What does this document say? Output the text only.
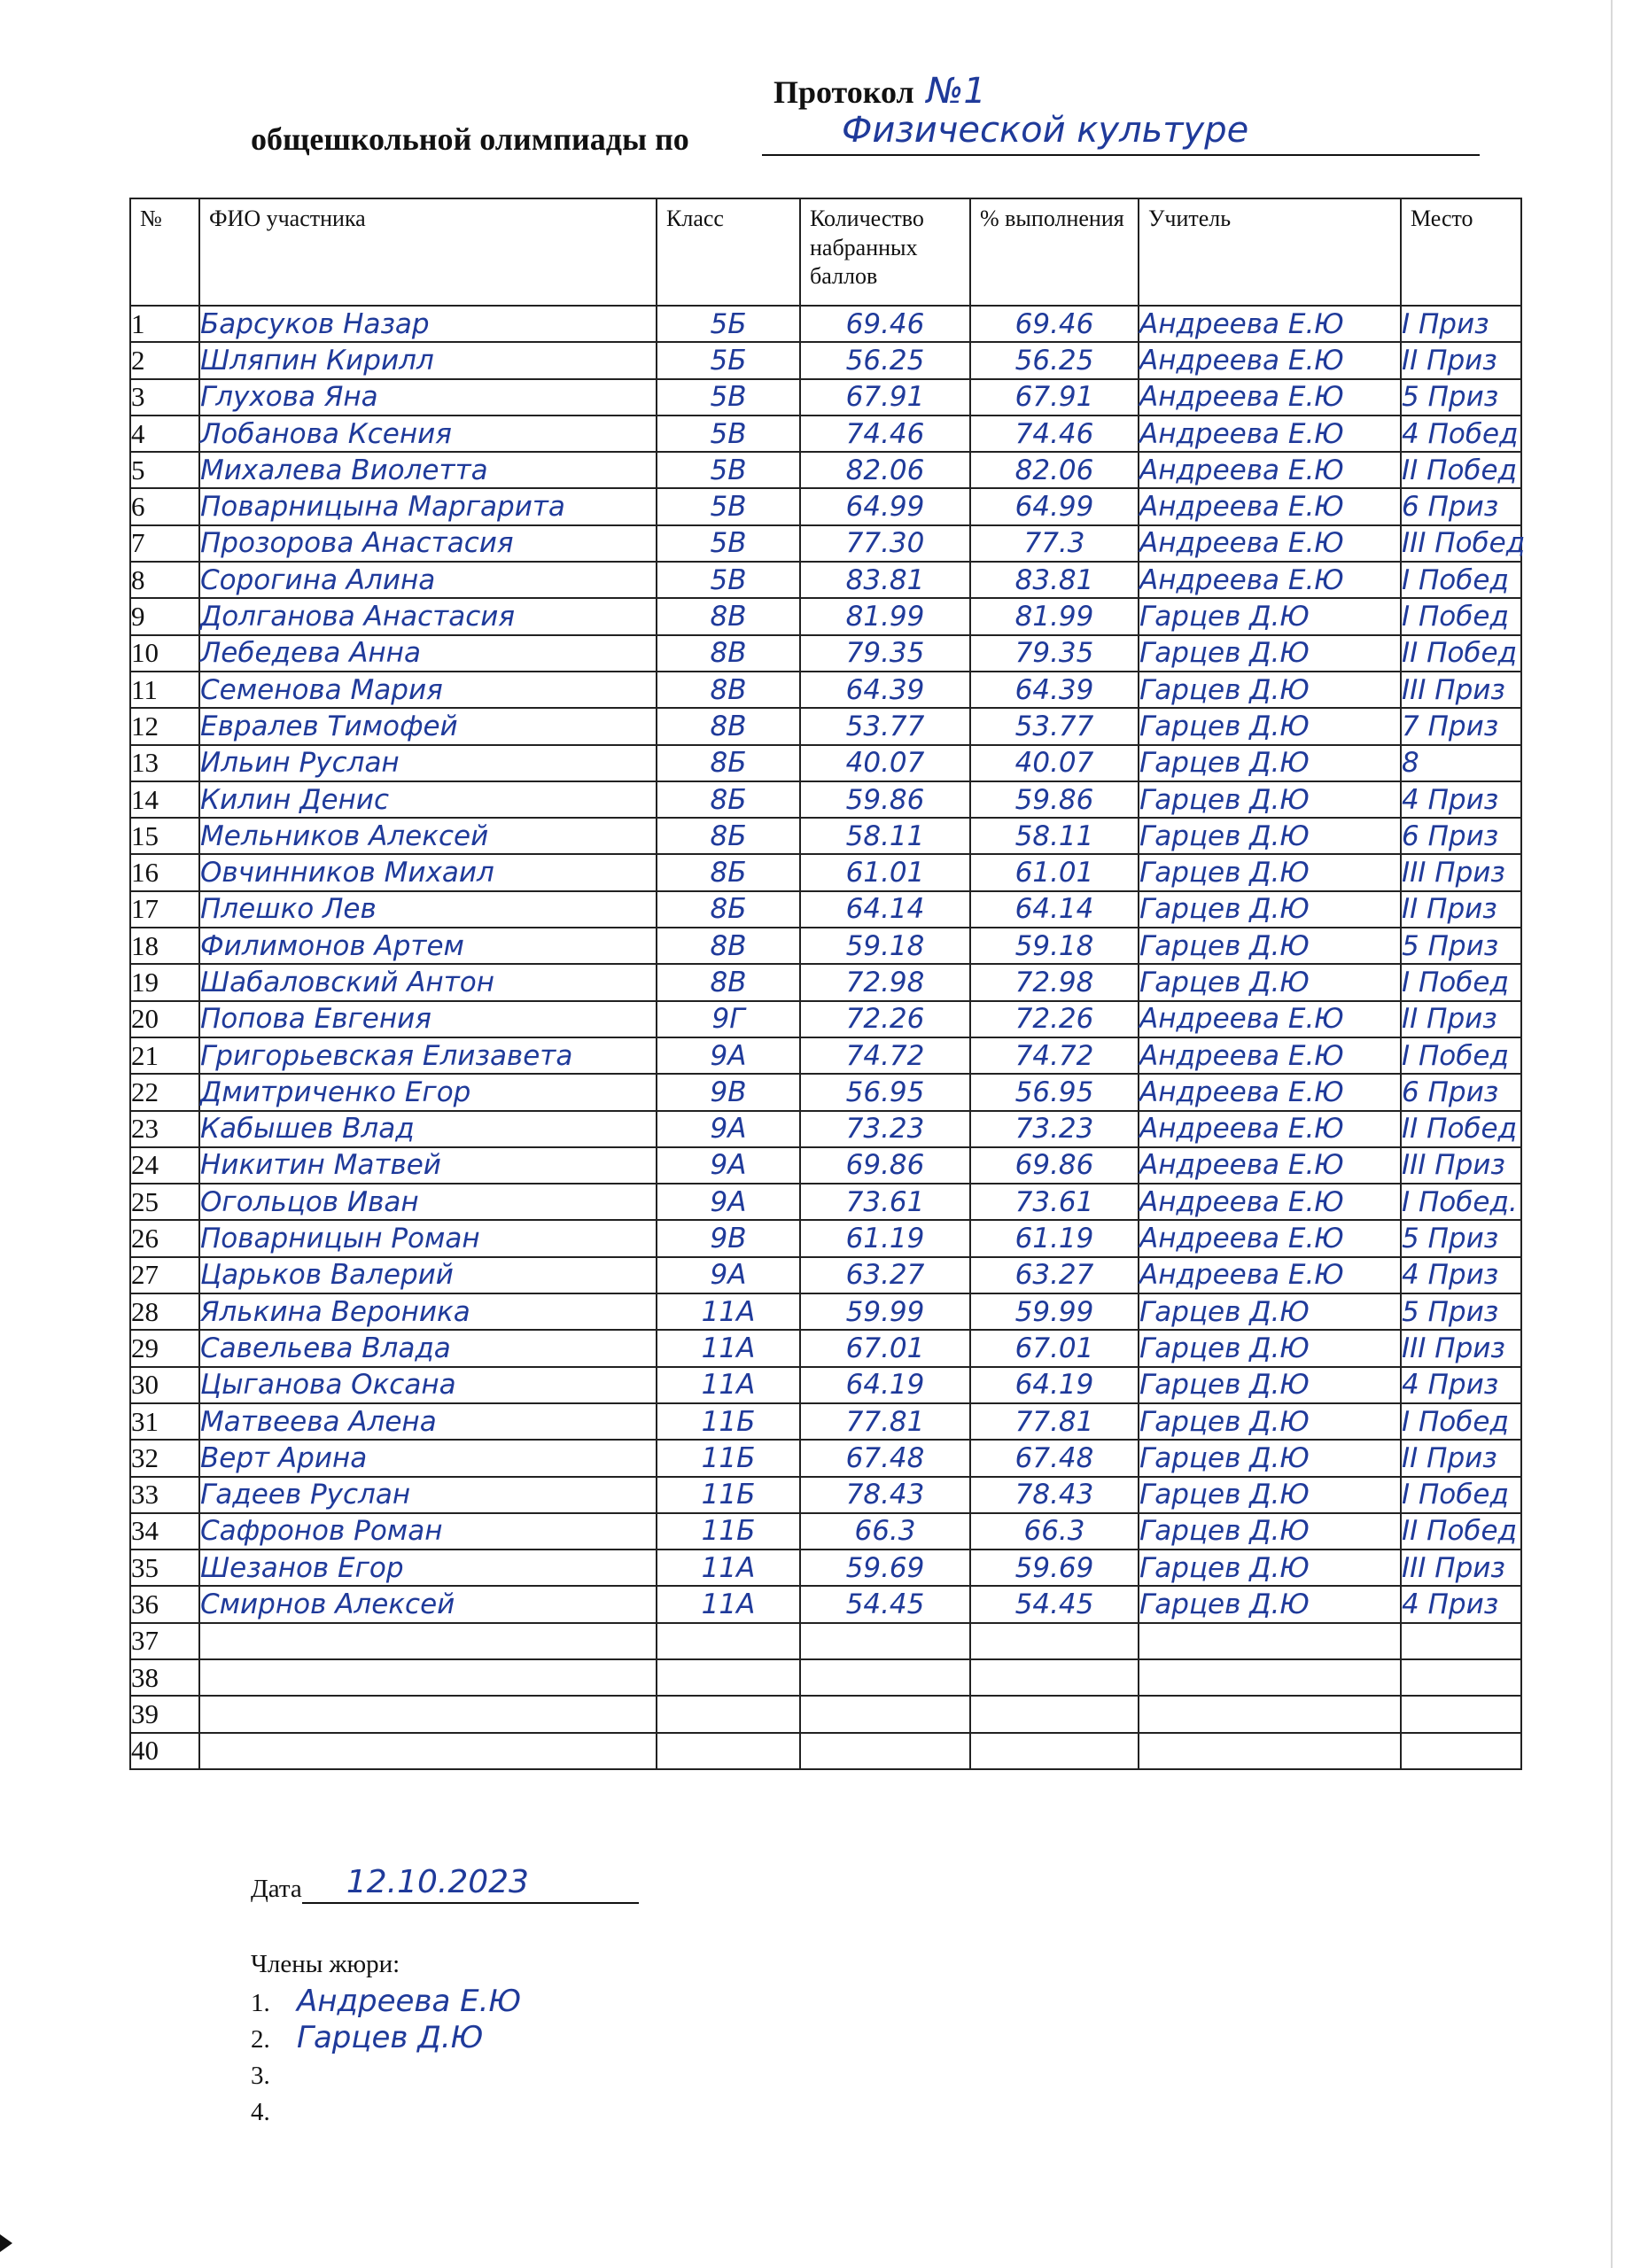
Протокол №1
общешкольной олимпиады по	Физической культуре
№	ФИО участника	Класс	Количество набранных баллов	% выполнения	Учитель	Место
1	Барсуков Назар	5Б	69.46	69.46	Андреева Е.Ю	I Приз
2	Шляпин Кирилл	5Б	56.25	56.25	Андреева Е.Ю	II Приз
3	Глухова Яна	5В	67.91	67.91	Андреева Е.Ю	5 Приз
4	Лобанова Ксения	5В	74.46	74.46	Андреева Е.Ю	4 Побед
5	Михалева Виолетта	5В	82.06	82.06	Андреева Е.Ю	II Побед
6	Поварницына Маргарита	5В	64.99	64.99	Андреева Е.Ю	6 Приз
7	Прозорова Анастасия	5В	77.30	77.3	Андреева Е.Ю	III Побед
8	Сорогина Алина	5В	83.81	83.81	Андреева Е.Ю	I Побед
9	Долганова Анастасия	8В	81.99	81.99	Гарцев Д.Ю	I Побед
10	Лебедева Анна	8В	79.35	79.35	Гарцев Д.Ю	II Побед
11	Семенова Мария	8В	64.39	64.39	Гарцев Д.Ю	III Приз
12	Евралев Тимофей	8В	53.77	53.77	Гарцев Д.Ю	7 Приз
13	Ильин Руслан	8Б	40.07	40.07	Гарцев Д.Ю	8
14	Килин Денис	8Б	59.86	59.86	Гарцев Д.Ю	4 Приз
15	Мельников Алексей	8Б	58.11	58.11	Гарцев Д.Ю	6 Приз
16	Овчинников Михаил	8Б	61.01	61.01	Гарцев Д.Ю	III Приз
17	Плешко Лев	8Б	64.14	64.14	Гарцев Д.Ю	II Приз
18	Филимонов Артем	8В	59.18	59.18	Гарцев Д.Ю	5 Приз
19	Шабаловский Антон	8В	72.98	72.98	Гарцев Д.Ю	I Побед
20	Попова Евгения	9Г	72.26	72.26	Андреева Е.Ю	II Приз
21	Григорьевская Елизавета	9А	74.72	74.72	Андреева Е.Ю	I Побед
22	Дмитриченко Егор	9В	56.95	56.95	Андреева Е.Ю	6 Приз
23	Кабышев Влад	9А	73.23	73.23	Андреева Е.Ю	II Побед
24	Никитин Матвей	9А	69.86	69.86	Андреева Е.Ю	III Приз
25	Огольцов Иван	9А	73.61	73.61	Андреева Е.Ю	I Побед.
26	Поварницын Роман	9В	61.19	61.19	Андреева Е.Ю	5 Приз
27	Царьков Валерий	9А	63.27	63.27	Андреева Е.Ю	4 Приз
28	Ялькина Вероника	11А	59.99	59.99	Гарцев Д.Ю	5 Приз
29	Савельева Влада	11А	67.01	67.01	Гарцев Д.Ю	III Приз
30	Цыганова Оксана	11А	64.19	64.19	Гарцев Д.Ю	4 Приз
31	Матвеева Алена	11Б	77.81	77.81	Гарцев Д.Ю	I Побед
32	Верт Арина	11Б	67.48	67.48	Гарцев Д.Ю	II Приз
33	Гадеев Руслан	11Б	78.43	78.43	Гарцев Д.Ю	I Побед
34	Сафронов Роман	11Б	66.3	66.3	Гарцев Д.Ю	II Побед
35	Шезанов Егор	11А	59.69	59.69	Гарцев Д.Ю	III Приз
36	Смирнов Алексей	11А	54.45	54.45	Гарцев Д.Ю	4 Приз
37						
38						
39						
40						
Дата 12.10.2023
Члены жюри:
1. Андреева Е.Ю
2. Гарцев Д.Ю
3.
4.
